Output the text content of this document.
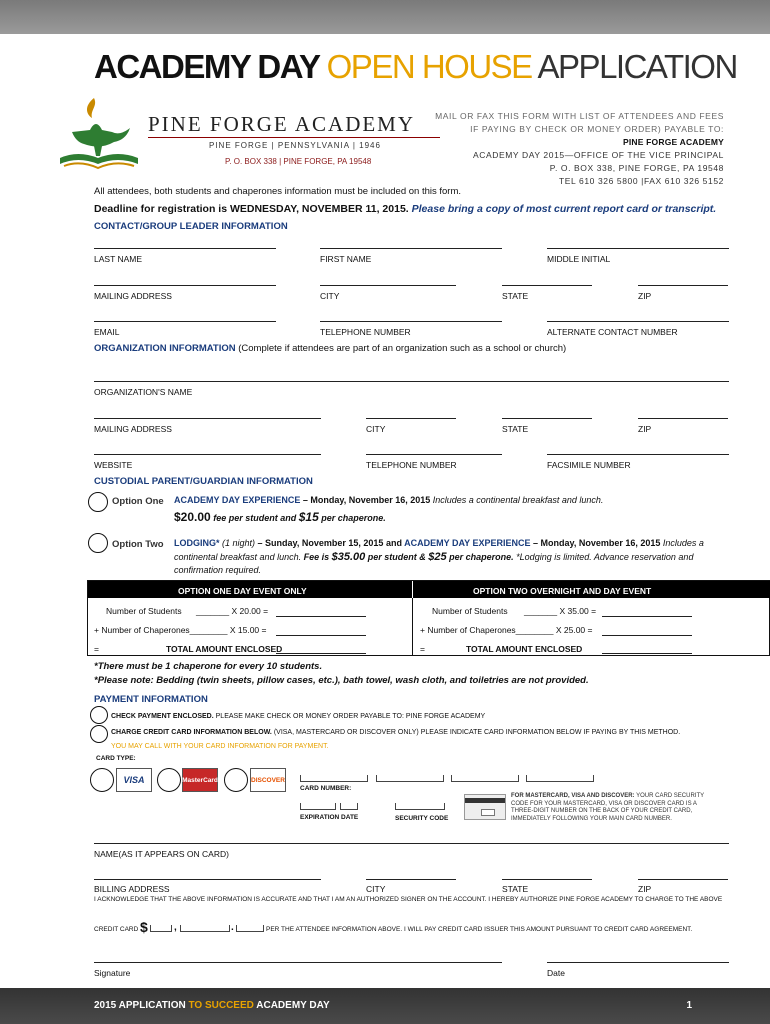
ACADEMY DAY OPEN HOUSE APPLICATION
PINE FORGE ACADEMY
PINE FORGE | PENNSYLVANIA | 1946
P. O. BOX 338 | PINE FORGE, PA 19548
MAIL OR FAX THIS FORM WITH LIST OF ATTENDEES AND FEES
IF PAYING BY CHECK OR MONEY ORDER) PAYABLE TO:
PINE FORGE ACADEMY
ACADEMY DAY 2015—OFFICE OF THE VICE PRINCIPAL
P. O. BOX 338, PINE FORGE, PA 19548
TEL 610 326 5800 |FAX 610 326 5152
All attendees, both students and chaperones information must be included on this form.
Deadline for registration is WEDNESDAY, NOVEMBER 11, 2015. Please bring a copy of most current report card or transcript.
CONTACT/GROUP LEADER INFORMATION
LAST NAME	FIRST NAME	MIDDLE INITIAL
MAILING ADDRESS	CITY	STATE	ZIP
EMAIL	TELEPHONE NUMBER	ALTERNATE CONTACT NUMBER
ORGANIZATION INFORMATION (Complete if attendees are part of an organization such as a school or church)
ORGANIZATION'S NAME
MAILING ADDRESS	CITY	STATE	ZIP
WEBSITE	TELEPHONE NUMBER	FACSIMILE NUMBER
CUSTODIAL PARENT/GUARDIAN INFORMATION
Option One ACADEMY DAY EXPERIENCE – Monday, November 16, 2015 Includes a continental breakfast and lunch.
$20.00 fee per student and $15 per chaperone.
Option Two LODGING* (1 night) – Sunday, November 15, 2015 and ACADEMY DAY EXPERIENCE – Monday, November 16, 2015 Includes a
continental breakfast and lunch. Fee is $35.00 per student & $25 per chaperone. *Lodging is limited. Advance reservation and
confirmation required.
OPTION ONE DAY EVENT ONLY	OPTION TWO OVERNIGHT AND DAY EVENT
Number of Students _______ X 20.00 =
+ Number of Chaperones________ X 15.00 =
=	TOTAL AMOUNT ENCLOSED
Number of Students _______ X 35.00 =
+ Number of Chaperones________ X 25.00 =
=	TOTAL AMOUNT ENCLOSED
*There must be 1 chaperone for every 10 students.
*Please note: Bedding (twin sheets, pillow cases, etc.), bath towel, wash cloth, and toiletries are not provided.
PAYMENT INFORMATION
CHECK PAYMENT ENCLOSED. PLEASE MAKE CHECK OR MONEY ORDER PAYABLE TO: PINE FORGE ACADEMY
CHARGE CREDIT CARD INFORMATION BELOW. (VISA, MASTERCARD OR DISCOVER ONLY) PLEASE INDICATE CARD INFORMATION BELOW IF PAYING BY THIS METHOD.
YOU MAY CALL WITH YOUR CARD INFORMATION FOR PAYMENT.
CARD TYPE:
VISA	MasterCard	DISCOVER
CARD NUMBER:
EXPIRATION DATE	SECURITY CODE
FOR MASTERCARD, VISA AND DISCOVER: YOUR CARD SECURITY
CODE FOR YOUR MASTERCARD, VISA OR DISCOVER CARD IS A
THREE-DIGIT NUMBER ON THE BACK OF YOUR CREDIT CARD,
IMMEDIATELY FOLLOWING YOUR MAIN CARD NUMBER.
NAME(AS IT APPEARS ON CARD)
BILLING ADDRESS	CITY	STATE	ZIP
I ACKNOWLEDGE THAT THE ABOVE INFORMATION IS ACCURATE AND THAT I AM AN AUTHORIZED SIGNER ON THE ACCOUNT. I HEREBY AUTHORIZE PINE FORGE ACADEMY TO CHARGE TO THE ABOVE
CREDIT CARD $	,	.	PER THE ATTENDEE INFORMATION ABOVE. I WILL PAY CREDIT CARD ISSUER THIS AMOUNT PURSUANT TO CREDIT CARD AGREEMENT.
Signature	Date
2015 APPLICATION TO SUCCEED ACADEMY DAY	1
